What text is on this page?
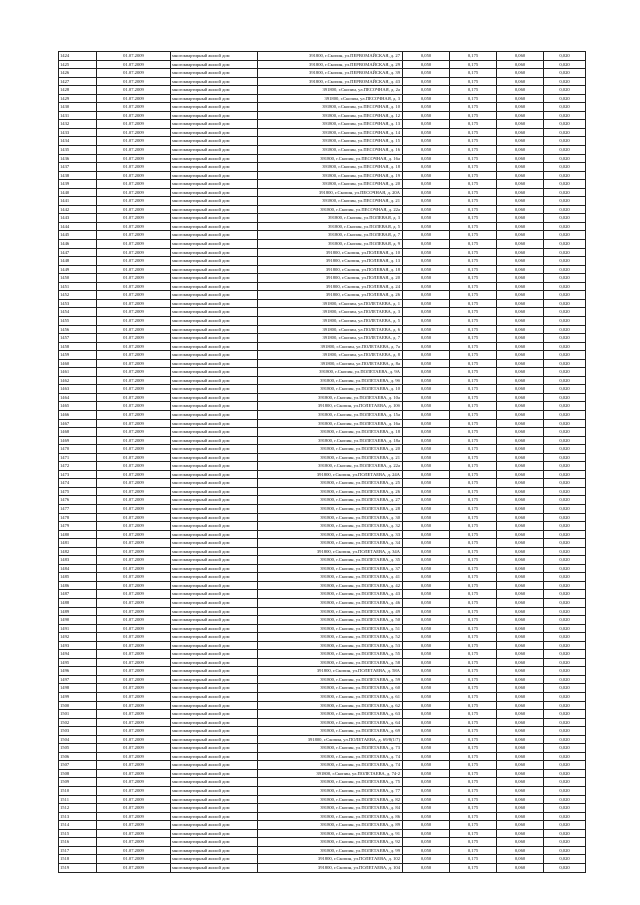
1424	01.07.2009	многоквартирный жилой дом	391800, г.Скопин, ул.ПЕРВОМАЙСКАЯ, д. 27	0,050	0,175	0,060	0,020
1425	01.07.2009	многоквартирный жилой дом	391800, г.Скопин, ул.ПЕРВОМАЙСКАЯ, д. 29	0,050	0,175	0,060	0,020
1426	01.07.2009	многоквартирный жилой дом	391800, г.Скопин, ул.ПЕРВОМАЙСКАЯ, д. 39	0,050	0,175	0,060	0,020
1427	01.07.2009	многоквартирный жилой дом	391800, г.Скопин, ул.ПЕРВОМАЙСКАЯ, д. 43	0,050	0,175	0,060	0,020
1428	01.07.2009	многоквартирный жилой дом	391800, г.Скопин, ул.ПЕСОЧНАЯ, д. 2а	0,050	0,175	0,060	0,020
1429	01.07.2009	многоквартирный жилой дом	391800, г.Скопин, ул.ПЕСОЧНАЯ, д. 3	0,050	0,175	0,060	0,020
1430	01.07.2009	многоквартирный жилой дом	391800, г.Скопин, ул.ПЕСОЧНАЯ, д. 10	0,050	0,175	0,060	0,020
1431	01.07.2009	многоквартирный жилой дом	391800, г.Скопин, ул.ПЕСОЧНАЯ, д. 12	0,050	0,175	0,060	0,020
1432	01.07.2009	многоквартирный жилой дом	391800, г.Скопин, ул.ПЕСОЧНАЯ, д. 13	0,050	0,175	0,060	0,020
1433	01.07.2009	многоквартирный жилой дом	391800, г.Скопин, ул.ПЕСОЧНАЯ, д. 14	0,050	0,175	0,060	0,020
1434	01.07.2009	многоквартирный жилой дом	391800, г.Скопин, ул.ПЕСОЧНАЯ, д. 15	0,050	0,175	0,060	0,020
1435	01.07.2009	многоквартирный жилой дом	391800, г.Скопин, ул.ПЕСОЧНАЯ, д. 16	0,050	0,175	0,060	0,020
1436	01.07.2009	многоквартирный жилой дом	391800, г.Скопин, ул.ПЕСОЧНАЯ, д. 16а	0,050	0,175	0,060	0,020
1437	01.07.2009	многоквартирный жилой дом	391800, г.Скопин, ул.ПЕСОЧНАЯ, д. 18	0,050	0,175	0,060	0,020
1438	01.07.2009	многоквартирный жилой дом	391800, г.Скопин, ул.ПЕСОЧНАЯ, д. 19	0,050	0,175	0,060	0,020
1439	01.07.2009	многоквартирный жилой дом	391800, г.Скопин, ул.ПЕСОЧНАЯ, д. 20	0,050	0,175	0,060	0,020
1440	01.07.2009	многоквартирный жилой дом	391800, г.Скопин, ул.ПЕСОЧНАЯ, д. 20А	0,050	0,175	0,060	0,020
1441	01.07.2009	многоквартирный жилой дом	391800, г.Скопин, ул.ПЕСОЧНАЯ, д. 21	0,050	0,175	0,060	0,020
1442	01.07.2009	многоквартирный жилой дом	391800, г.Скопин, ул.ПЕСОЧНАЯ, д. 22а	0,050	0,175	0,060	0,020
1443	01.07.2009	многоквартирный жилой дом	391800, г.Скопин, ул.ПОЛЕВАЯ, д. 3	0,050	0,175	0,060	0,020
1444	01.07.2009	многоквартирный жилой дом	391800, г.Скопин, ул.ПОЛЕВАЯ, д. 5	0,050	0,175	0,060	0,020
1445	01.07.2009	многоквартирный жилой дом	391800, г.Скопин, ул.ПОЛЕВАЯ, д. 7	0,050	0,175	0,060	0,020
1446	01.07.2009	многоквартирный жилой дом	391800, г.Скопин, ул.ПОЛЕВАЯ, д. 9	0,050	0,175	0,060	0,020
1447	01.07.2009	многоквартирный жилой дом	391800, г.Скопин, ул.ПОЛЕВАЯ, д. 10	0,050	0,175	0,060	0,020
1448	01.07.2009	многоквартирный жилой дом	391800, г.Скопин, ул.ПОЛЕВАЯ, д. 13	0,050	0,175	0,060	0,020
1449	01.07.2009	многоквартирный жилой дом	391800, г.Скопин, ул.ПОЛЕВАЯ, д. 18	0,050	0,175	0,060	0,020
1450	01.07.2009	многоквартирный жилой дом	391800, г.Скопин, ул.ПОЛЕВАЯ, д. 20	0,050	0,175	0,060	0,020
1451	01.07.2009	многоквартирный жилой дом	391800, г.Скопин, ул.ПОЛЕВАЯ, д. 24	0,050	0,175	0,060	0,020
1452	01.07.2009	многоквартирный жилой дом	391800, г.Скопин, ул.ПОЛЕВАЯ, д. 26	0,050	0,175	0,060	0,020
1453	01.07.2009	многоквартирный жилой дом	391800, г.Скопин, ул.ПОЛЕТАЕВА, д. 1	0,050	0,175	0,060	0,020
1454	01.07.2009	многоквартирный жилой дом	391800, г.Скопин, ул.ПОЛЕТАЕВА, д. 3	0,050	0,175	0,060	0,020
1455	01.07.2009	многоквартирный жилой дом	391800, г.Скопин, ул.ПОЛЕТАЕВА, д. 5	0,050	0,175	0,060	0,020
1456	01.07.2009	многоквартирный жилой дом	391800, г.Скопин, ул.ПОЛЕТАЕВА, д. 6	0,050	0,175	0,060	0,020
1457	01.07.2009	многоквартирный жилой дом	391800, г.Скопин, ул.ПОЛЕТАЕВА, д. 7	0,050	0,175	0,060	0,020
1458	01.07.2009	многоквартирный жилой дом	391800, г.Скопин, ул.ПОЛЕТАЕВА, д. 7а	0,050	0,175	0,060	0,020
1459	01.07.2009	многоквартирный жилой дом	391800, г.Скопин, ул.ПОЛЕТАЕВА, д. 8	0,050	0,175	0,060	0,020
1460	01.07.2009	многоквартирный жилой дом	391800, г.Скопин, ул.ПОЛЕТАЕВА, д. 8а	0,050	0,175	0,060	0,020
1461	01.07.2009	многоквартирный жилой дом	391800, г.Скопин, ул.ПОЛЕТАЕВА, д. 9А	0,050	0,175	0,060	0,020
1462	01.07.2009	многоквартирный жилой дом	391800, г.Скопин, ул.ПОЛЕТАЕВА, д. 9б	0,050	0,175	0,060	0,020
1463	01.07.2009	многоквартирный жилой дом	391800, г.Скопин, ул.ПОЛЕТАЕВА, д. 10	0,050	0,175	0,060	0,020
1464	01.07.2009	многоквартирный жилой дом	391800, г.Скопин, ул.ПОЛЕТАЕВА, д. 10а	0,050	0,175	0,060	0,020
1465	01.07.2009	многоквартирный жилой дом	391800, г.Скопин, ул.ПОЛЕТАЕВА, д. 10б	0,050	0,175	0,060	0,020
1466	01.07.2009	многоквартирный жилой дом	391800, г.Скопин, ул.ПОЛЕТАЕВА, д. 15а	0,050	0,175	0,060	0,020
1467	01.07.2009	многоквартирный жилой дом	391800, г.Скопин, ул.ПОЛЕТАЕВА, д. 16а	0,050	0,175	0,060	0,020
1468	01.07.2009	многоквартирный жилой дом	391800, г.Скопин, ул.ПОЛЕТАЕВА, д. 18	0,050	0,175	0,060	0,020
1469	01.07.2009	многоквартирный жилой дом	391800, г.Скопин, ул.ПОЛЕТАЕВА, д. 18а	0,050	0,175	0,060	0,020
1470	01.07.2009	многоквартирный жилой дом	391800, г.Скопин, ул.ПОЛЕТАЕВА, д. 20	0,050	0,175	0,060	0,020
1471	01.07.2009	многоквартирный жилой дом	391800, г.Скопин, ул.ПОЛЕТАЕВА, д. 21	0,050	0,175	0,060	0,020
1472	01.07.2009	многоквартирный жилой дом	391800, г.Скопин, ул.ПОЛЕТАЕВА, д. 22а	0,050	0,175	0,060	0,020
1473	01.07.2009	многоквартирный жилой дом	391800, г.Скопин, ул.ПОЛЕТАЕВА, д. 24А	0,050	0,175	0,060	0,020
1474	01.07.2009	многоквартирный жилой дом	391800, г.Скопин, ул.ПОЛЕТАЕВА, д. 25	0,050	0,175	0,060	0,020
1475	01.07.2009	многоквартирный жилой дом	391800, г.Скопин, ул.ПОЛЕТАЕВА, д. 26	0,050	0,175	0,060	0,020
1476	01.07.2009	многоквартирный жилой дом	391800, г.Скопин, ул.ПОЛЕТАЕВА, д. 27	0,050	0,175	0,060	0,020
1477	01.07.2009	многоквартирный жилой дом	391800, г.Скопин, ул.ПОЛЕТАЕВА, д. 28	0,050	0,175	0,060	0,020
1478	01.07.2009	многоквартирный жилой дом	391800, г.Скопин, ул.ПОЛЕТАЕВА, д. 30	0,050	0,175	0,060	0,020
1479	01.07.2009	многоквартирный жилой дом	391800, г.Скопин, ул.ПОЛЕТАЕВА, д. 32	0,050	0,175	0,060	0,020
1480	01.07.2009	многоквартирный жилой дом	391800, г.Скопин, ул.ПОЛЕТАЕВА, д. 33	0,050	0,175	0,060	0,020
1481	01.07.2009	многоквартирный жилой дом	391800, г.Скопин, ул.ПОЛЕТАЕВА, д. 34	0,050	0,175	0,060	0,020
1482	01.07.2009	многоквартирный жилой дом	391800, г.Скопин, ул.ПОЛЕТАЕВА, д. 34А	0,050	0,175	0,060	0,020
1483	01.07.2009	многоквартирный жилой дом	391800, г.Скопин, ул.ПОЛЕТАЕВА, д. 35	0,050	0,175	0,060	0,020
1484	01.07.2009	многоквартирный жилой дом	391800, г.Скопин, ул.ПОЛЕТАЕВА, д. 37	0,050	0,175	0,060	0,020
1485	01.07.2009	многоквартирный жилой дом	391800, г.Скопин, ул.ПОЛЕТАЕВА, д. 41	0,050	0,175	0,060	0,020
1486	01.07.2009	многоквартирный жилой дом	391800, г.Скопин, ул.ПОЛЕТАЕВА, д. 42	0,050	0,175	0,060	0,020
1487	01.07.2009	многоквартирный жилой дом	391800, г.Скопин, ул.ПОЛЕТАЕВА, д. 43	0,050	0,175	0,060	0,020
1488	01.07.2009	многоквартирный жилой дом	391800, г.Скопин, ул.ПОЛЕТАЕВА, д. 46	0,050	0,175	0,060	0,020
1489	01.07.2009	многоквартирный жилой дом	391800, г.Скопин, ул.ПОЛЕТАЕВА, д. 49	0,050	0,175	0,060	0,020
1490	01.07.2009	многоквартирный жилой дом	391800, г.Скопин, ул.ПОЛЕТАЕВА, д. 50	0,050	0,175	0,060	0,020
1491	01.07.2009	многоквартирный жилой дом	391800, г.Скопин, ул.ПОЛЕТАЕВА, д. 51	0,050	0,175	0,060	0,020
1492	01.07.2009	многоквартирный жилой дом	391800, г.Скопин, ул.ПОЛЕТАЕВА, д. 52	0,050	0,175	0,060	0,020
1493	01.07.2009	многоквартирный жилой дом	391800, г.Скопин, ул.ПОЛЕТАЕВА, д. 53	0,050	0,175	0,060	0,020
1494	01.07.2009	многоквартирный жилой дом	391800, г.Скопин, ул.ПОЛЕТАЕВА, д. 55	0,050	0,175	0,060	0,020
1495	01.07.2009	многоквартирный жилой дом	391800, г.Скопин, ул.ПОЛЕТАЕВА, д. 58	0,050	0,175	0,060	0,020
1496	01.07.2009	многоквартирный жилой дом	391800, г.Скопин, ул.ПОЛЕТАЕВА, д. 58А	0,050	0,175	0,060	0,020
1497	01.07.2009	многоквартирный жилой дом	391800, г.Скопин, ул.ПОЛЕТАЕВА, д. 59	0,050	0,175	0,060	0,020
1498	01.07.2009	многоквартирный жилой дом	391800, г.Скопин, ул.ПОЛЕТАЕВА, д. 60	0,050	0,175	0,060	0,020
1499	01.07.2009	многоквартирный жилой дом	391800, г.Скопин, ул.ПОЛЕТАЕВА, д. 61	0,050	0,175	0,060	0,020
1500	01.07.2009	многоквартирный жилой дом	391800, г.Скопин, ул.ПОЛЕТАЕВА, д. 62	0,050	0,175	0,060	0,020
1501	01.07.2009	многоквартирный жилой дом	391800, г.Скопин, ул.ПОЛЕТАЕВА, д. 63	0,050	0,175	0,060	0,020
1502	01.07.2009	многоквартирный жилой дом	391800, г.Скопин, ул.ПОЛЕТАЕВА, д. 64	0,050	0,175	0,060	0,020
1503	01.07.2009	многоквартирный жилой дом	391800, г.Скопин, ул.ПОЛЕТАЕВА, д. 69	0,050	0,175	0,060	0,020
1504	01.07.2009	многоквартирный жилой дом	391800, г.Скопин, ул.ПОЛЕТАЕВА, д. 69/8(1/7)	0,050	0,175	0,060	0,020
1505	01.07.2009	многоквартирный жилой дом	391800, г.Скопин, ул.ПОЛЕТАЕВА, д. 73	0,050	0,175	0,060	0,020
1506	01.07.2009	многоквартирный жилой дом	391800, г.Скопин, ул.ПОЛЕТАЕВА, д. 74	0,050	0,175	0,060	0,020
1507	01.07.2009	многоквартирный жилой дом	391800, г.Скопин, ул.ПОЛЕТАЕВА, д. 74	0,050	0,175	0,060	0,020
1508	01.07.2009	многоквартирный жилой дом	391800, г.Скопин, ул.ПОЛЕТАЕВА, д. 74-2	0,050	0,175	0,060	0,020
1509	01.07.2009	многоквартирный жилой дом	391800, г.Скопин, ул.ПОЛЕТАЕВА, д. 75	0,050	0,175	0,060	0,020
1510	01.07.2009	многоквартирный жилой дом	391800, г.Скопин, ул.ПОЛЕТАЕВА, д. 77	0,050	0,175	0,060	0,020
1511	01.07.2009	многоквартирный жилой дом	391800, г.Скопин, ул.ПОЛЕТАЕВА, д. 82	0,050	0,175	0,060	0,020
1512	01.07.2009	многоквартирный жилой дом	391800, г.Скопин, ул.ПОЛЕТАЕВА, д. 84	0,050	0,175	0,060	0,020
1513	01.07.2009	многоквартирный жилой дом	391800, г.Скопин, ул.ПОЛЕТАЕВА, д. 86	0,050	0,175	0,060	0,020
1514	01.07.2009	многоквартирный жилой дом	391800, г.Скопин, ул.ПОЛЕТАЕВА, д. 89	0,050	0,175	0,060	0,020
1515	01.07.2009	многоквартирный жилой дом	391800, г.Скопин, ул.ПОЛЕТАЕВА, д. 91	0,050	0,175	0,060	0,020
1516	01.07.2009	многоквартирный жилой дом	391800, г.Скопин, ул.ПОЛЕТАЕВА, д. 92	0,050	0,175	0,060	0,020
1517	01.07.2009	многоквартирный жилой дом	391800, г.Скопин, ул.ПОЛЕТАЕВА, д. 99	0,050	0,175	0,060	0,020
1518	01.07.2009	многоквартирный жилой дом	391800, г.Скопин, ул.ПОЛЕТАЕВА, д. 102	0,050	0,175	0,060	0,020
1519	01.07.2009	многоквартирный жилой дом	391800, г.Скопин, ул.ПОЛЕТАЕВА, д. 104	0,050	0,175	0,060	0,020
